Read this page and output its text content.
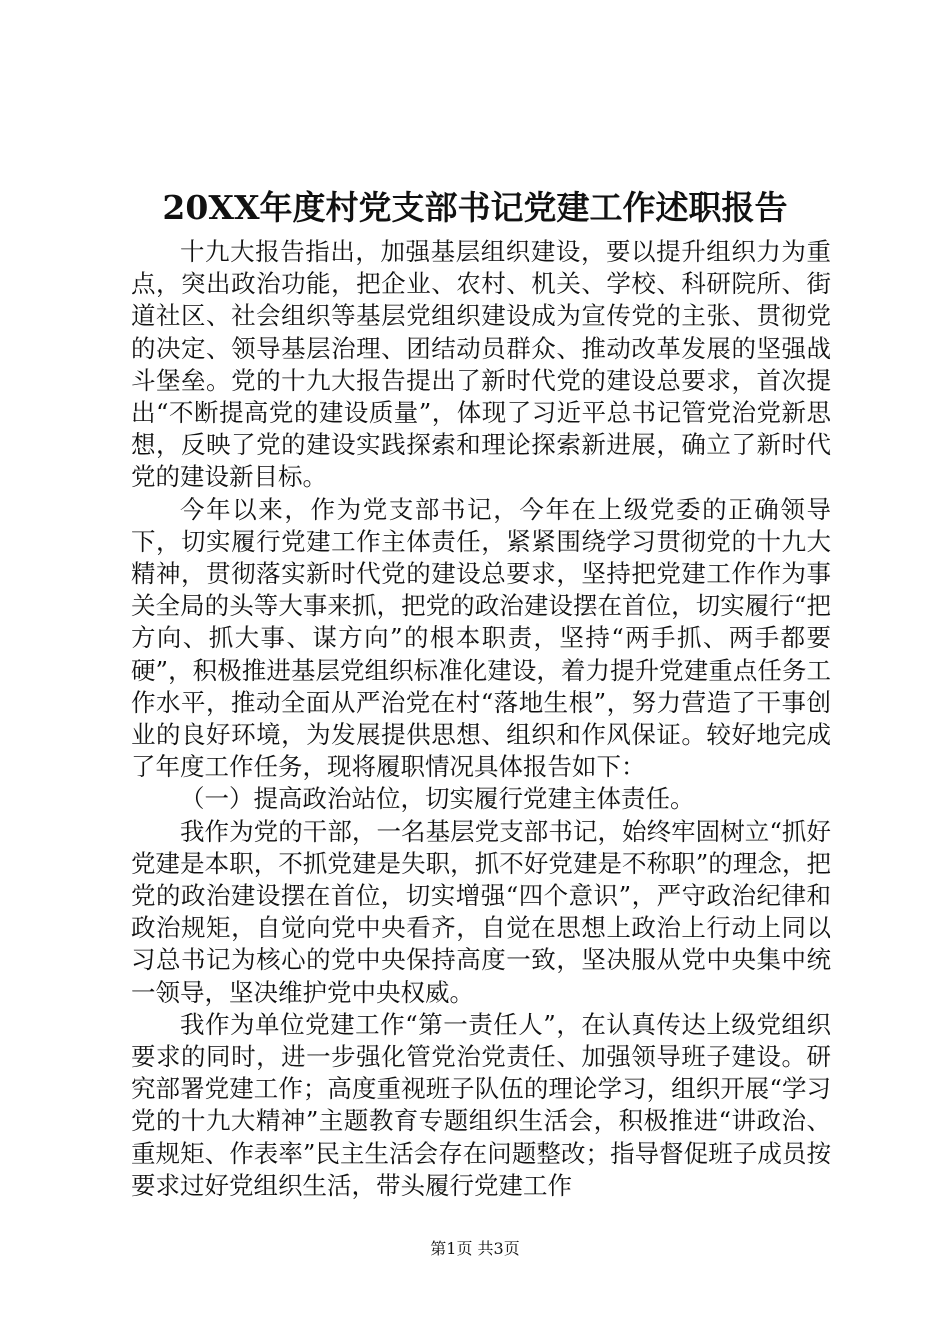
20XX年度村党支部书记党建工作述职报告

十九大报告指出，加强基层组织建设，要以提升组织力为重点，突出政治功能，把企业、农村、机关、学校、科研院所、街道社区、社会组织等基层党组织建设成为宣传党的主张、贯彻党的决定、领导基层治理、团结动员群众、推动改革发展的坚强战斗堡垒。党的十九大报告提出了新时代党的建设总要求，首次提出“不断提高党的建设质量”，体现了习近平总书记管党治党新思想，反映了党的建设实践探索和理论探索新进展，确立了新时代党的建设新目标。

今年以来，作为党支部书记，今年在上级党委的正确领导下，切实履行党建工作主体责任，紧紧围绕学习贯彻党的十九大精神，贯彻落实新时代党的建设总要求，坚持把党建工作作为事关全局的头等大事来抓，把党的政治建设摆在首位，切实履行“把方向、抓大事、谋方向”的根本职责，坚持“两手抓、两手都要硬”，积极推进基层党组织标准化建设，着力提升党建重点任务工作水平，推动全面从严治党在村“落地生根”，努力营造了干事创业的良好环境，为发展提供思想、组织和作风保证。较好地完成了年度工作任务，现将履职情况具体报告如下：

（一）提高政治站位，切实履行党建主体责任。

我作为党的干部，一名基层党支部书记，始终牢固树立“抓好党建是本职，不抓党建是失职，抓不好党建是不称职”的理念，把党的政治建设摆在首位，切实增强“四个意识”，严守政治纪律和政治规矩，自觉向党中央看齐，自觉在思想上政治上行动上同以习总书记为核心的党中央保持高度一致，坚决服从党中央集中统一领导，坚决维护党中央权威。

我作为单位党建工作“第一责任人”，在认真传达上级党组织要求的同时，进一步强化管党治党责任、加强领导班子建设。研究部署党建工作；高度重视班子队伍的理论学习，组织开展“学习党的十九大精神”主题教育专题组织生活会，积极推进“讲政治、重规矩、作表率”民主生活会存在问题整改；指导督促班子成员按要求过好党组织生活，带头履行党建工作

第1页 共3页
